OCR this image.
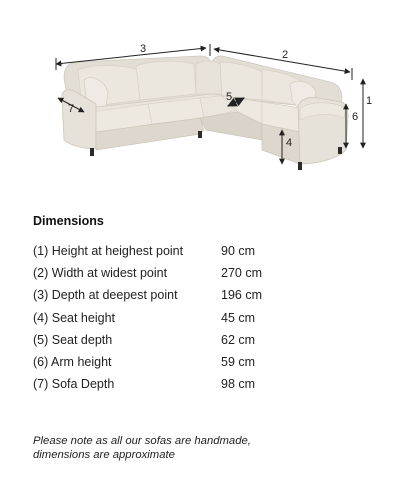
3	2
1
6
4
5
7
Dimensions
(1) Height at heighest point	90 cm
(2) Width at widest point	270 cm
(3) Depth at deepest point	196 cm
(4) Seat height	45 cm
(5) Seat depth	62 cm
(6) Arm height	59 cm
(7) Sofa Depth	98 cm
Please note as all our sofas are handmade,
dimensions are approximate
